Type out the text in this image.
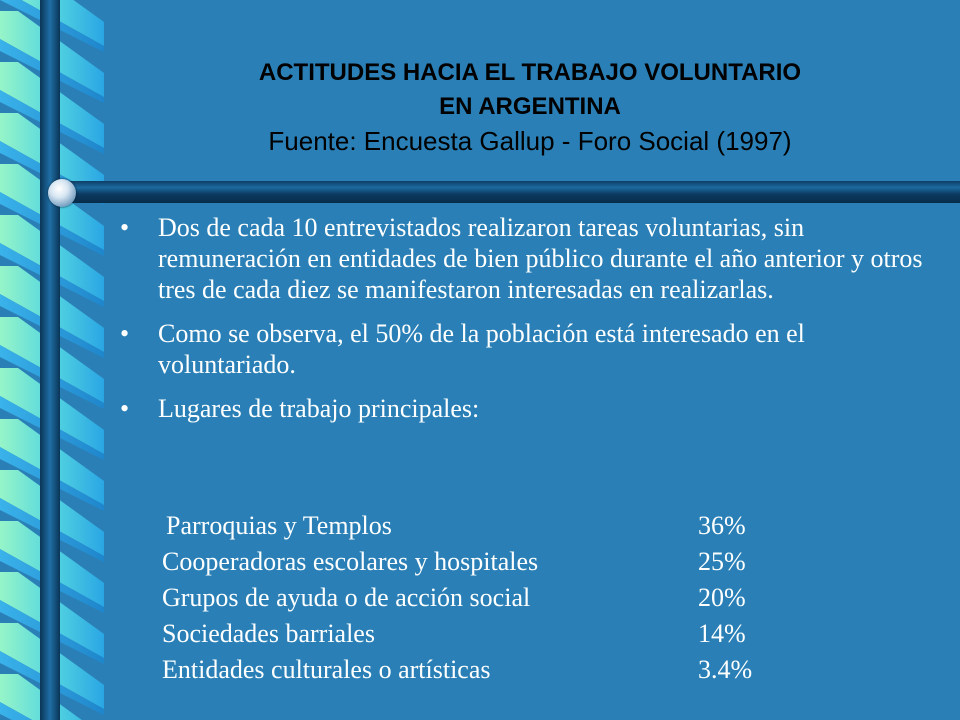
ACTITUDES HACIA EL TRABAJO VOLUNTARIO
EN ARGENTINA
Fuente: Encuesta Gallup - Foro Social (1997)
• Dos de cada 10 entrevistados realizaron tareas voluntarias, sin remuneración en entidades de bien público durante el año anterior y otros tres de cada diez se manifestaron interesadas en realizarlas.
• Como se observa, el 50% de la población está interesado en el voluntariado.
• Lugares de trabajo principales:
Parroquias y Templos	36%
Cooperadoras escolares y hospitales	25%
Grupos de ayuda o de acción social	20%
Sociedades barriales	14%
Entidades culturales o artísticas	3.4%
